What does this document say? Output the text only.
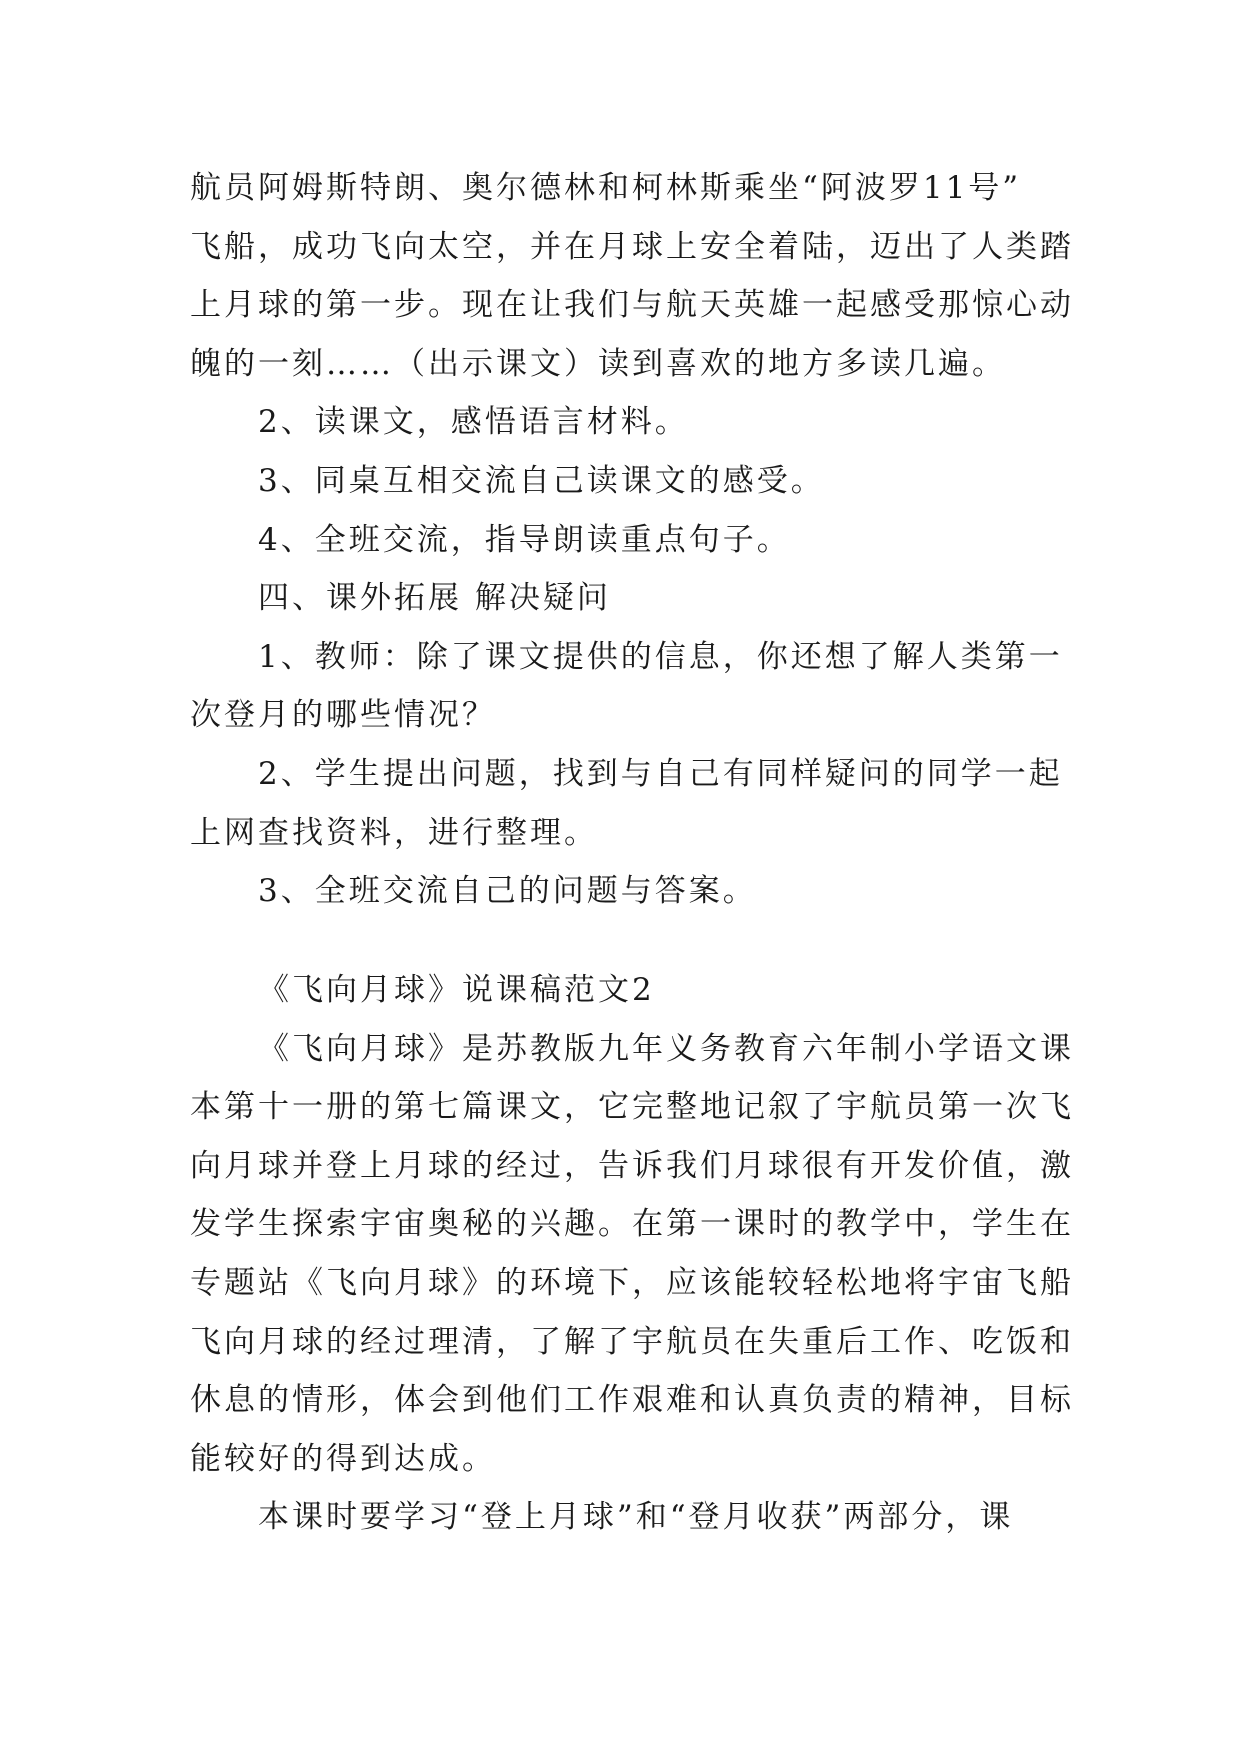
航员阿姆斯特朗、奥尔德林和柯林斯乘坐“阿波罗11号”
飞船，成功飞向太空，并在月球上安全着陆，迈出了人类踏
上月球的第一步。现在让我们与航天英雄一起感受那惊心动
魄的一刻……（出示课文）读到喜欢的地方多读几遍。
2、读课文，感悟语言材料。
3、同桌互相交流自己读课文的感受。
4、全班交流，指导朗读重点句子。
四、课外拓展 解决疑问
1、教师：除了课文提供的信息，你还想了解人类第一
次登月的哪些情况？
2、学生提出问题，找到与自己有同样疑问的同学一起
上网查找资料，进行整理。
3、全班交流自己的问题与答案。
《飞向月球》说课稿范文2
《飞向月球》是苏教版九年义务教育六年制小学语文课
本第十一册的第七篇课文，它完整地记叙了宇航员第一次飞
向月球并登上月球的经过，告诉我们月球很有开发价值，激
发学生探索宇宙奥秘的兴趣。在第一课时的教学中，学生在
专题站《飞向月球》的环境下，应该能较轻松地将宇宙飞船
飞向月球的经过理清，了解了宇航员在失重后工作、吃饭和
休息的情形，体会到他们工作艰难和认真负责的精神，目标
能较好的得到达成。
本课时要学习“登上月球”和“登月收获”两部分，课
